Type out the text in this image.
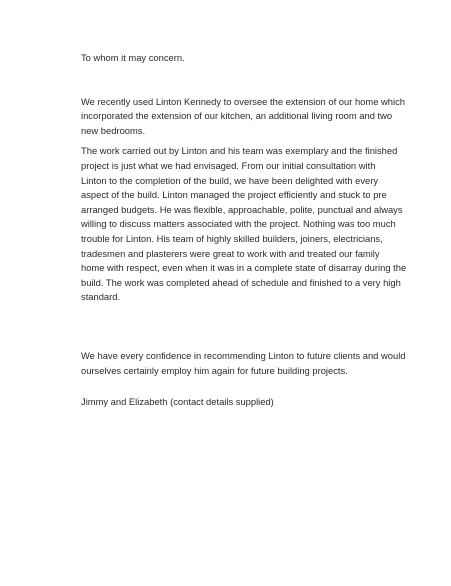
To whom it may concern.

We recently used Linton Kennedy to oversee the extension of our home which
incorporated the extension of our kitchen, an additional living room and two
new bedrooms.

The work carried out by Linton and his team was exemplary and the finished
project is just what we had envisaged. From our initial consultation with
Linton to the completion of the build, we have been delighted with every
aspect of the build. Linton managed the project efficiently and stuck to pre
arranged budgets. He was flexible, approachable, polite, punctual and always
willing to discuss matters associated with the project. Nothing was too much
trouble for Linton. His team of highly skilled builders, joiners, electricians,
tradesmen and plasterers were great to work with and treated our family
home with respect, even when it was in a complete state of disarray during the
build. The work was completed ahead of schedule and finished to a very high
standard.

We have every confidence in recommending Linton to future clients and would
ourselves certainly employ him again for future building projects.

Jimmy and Elizabeth (contact details supplied)
